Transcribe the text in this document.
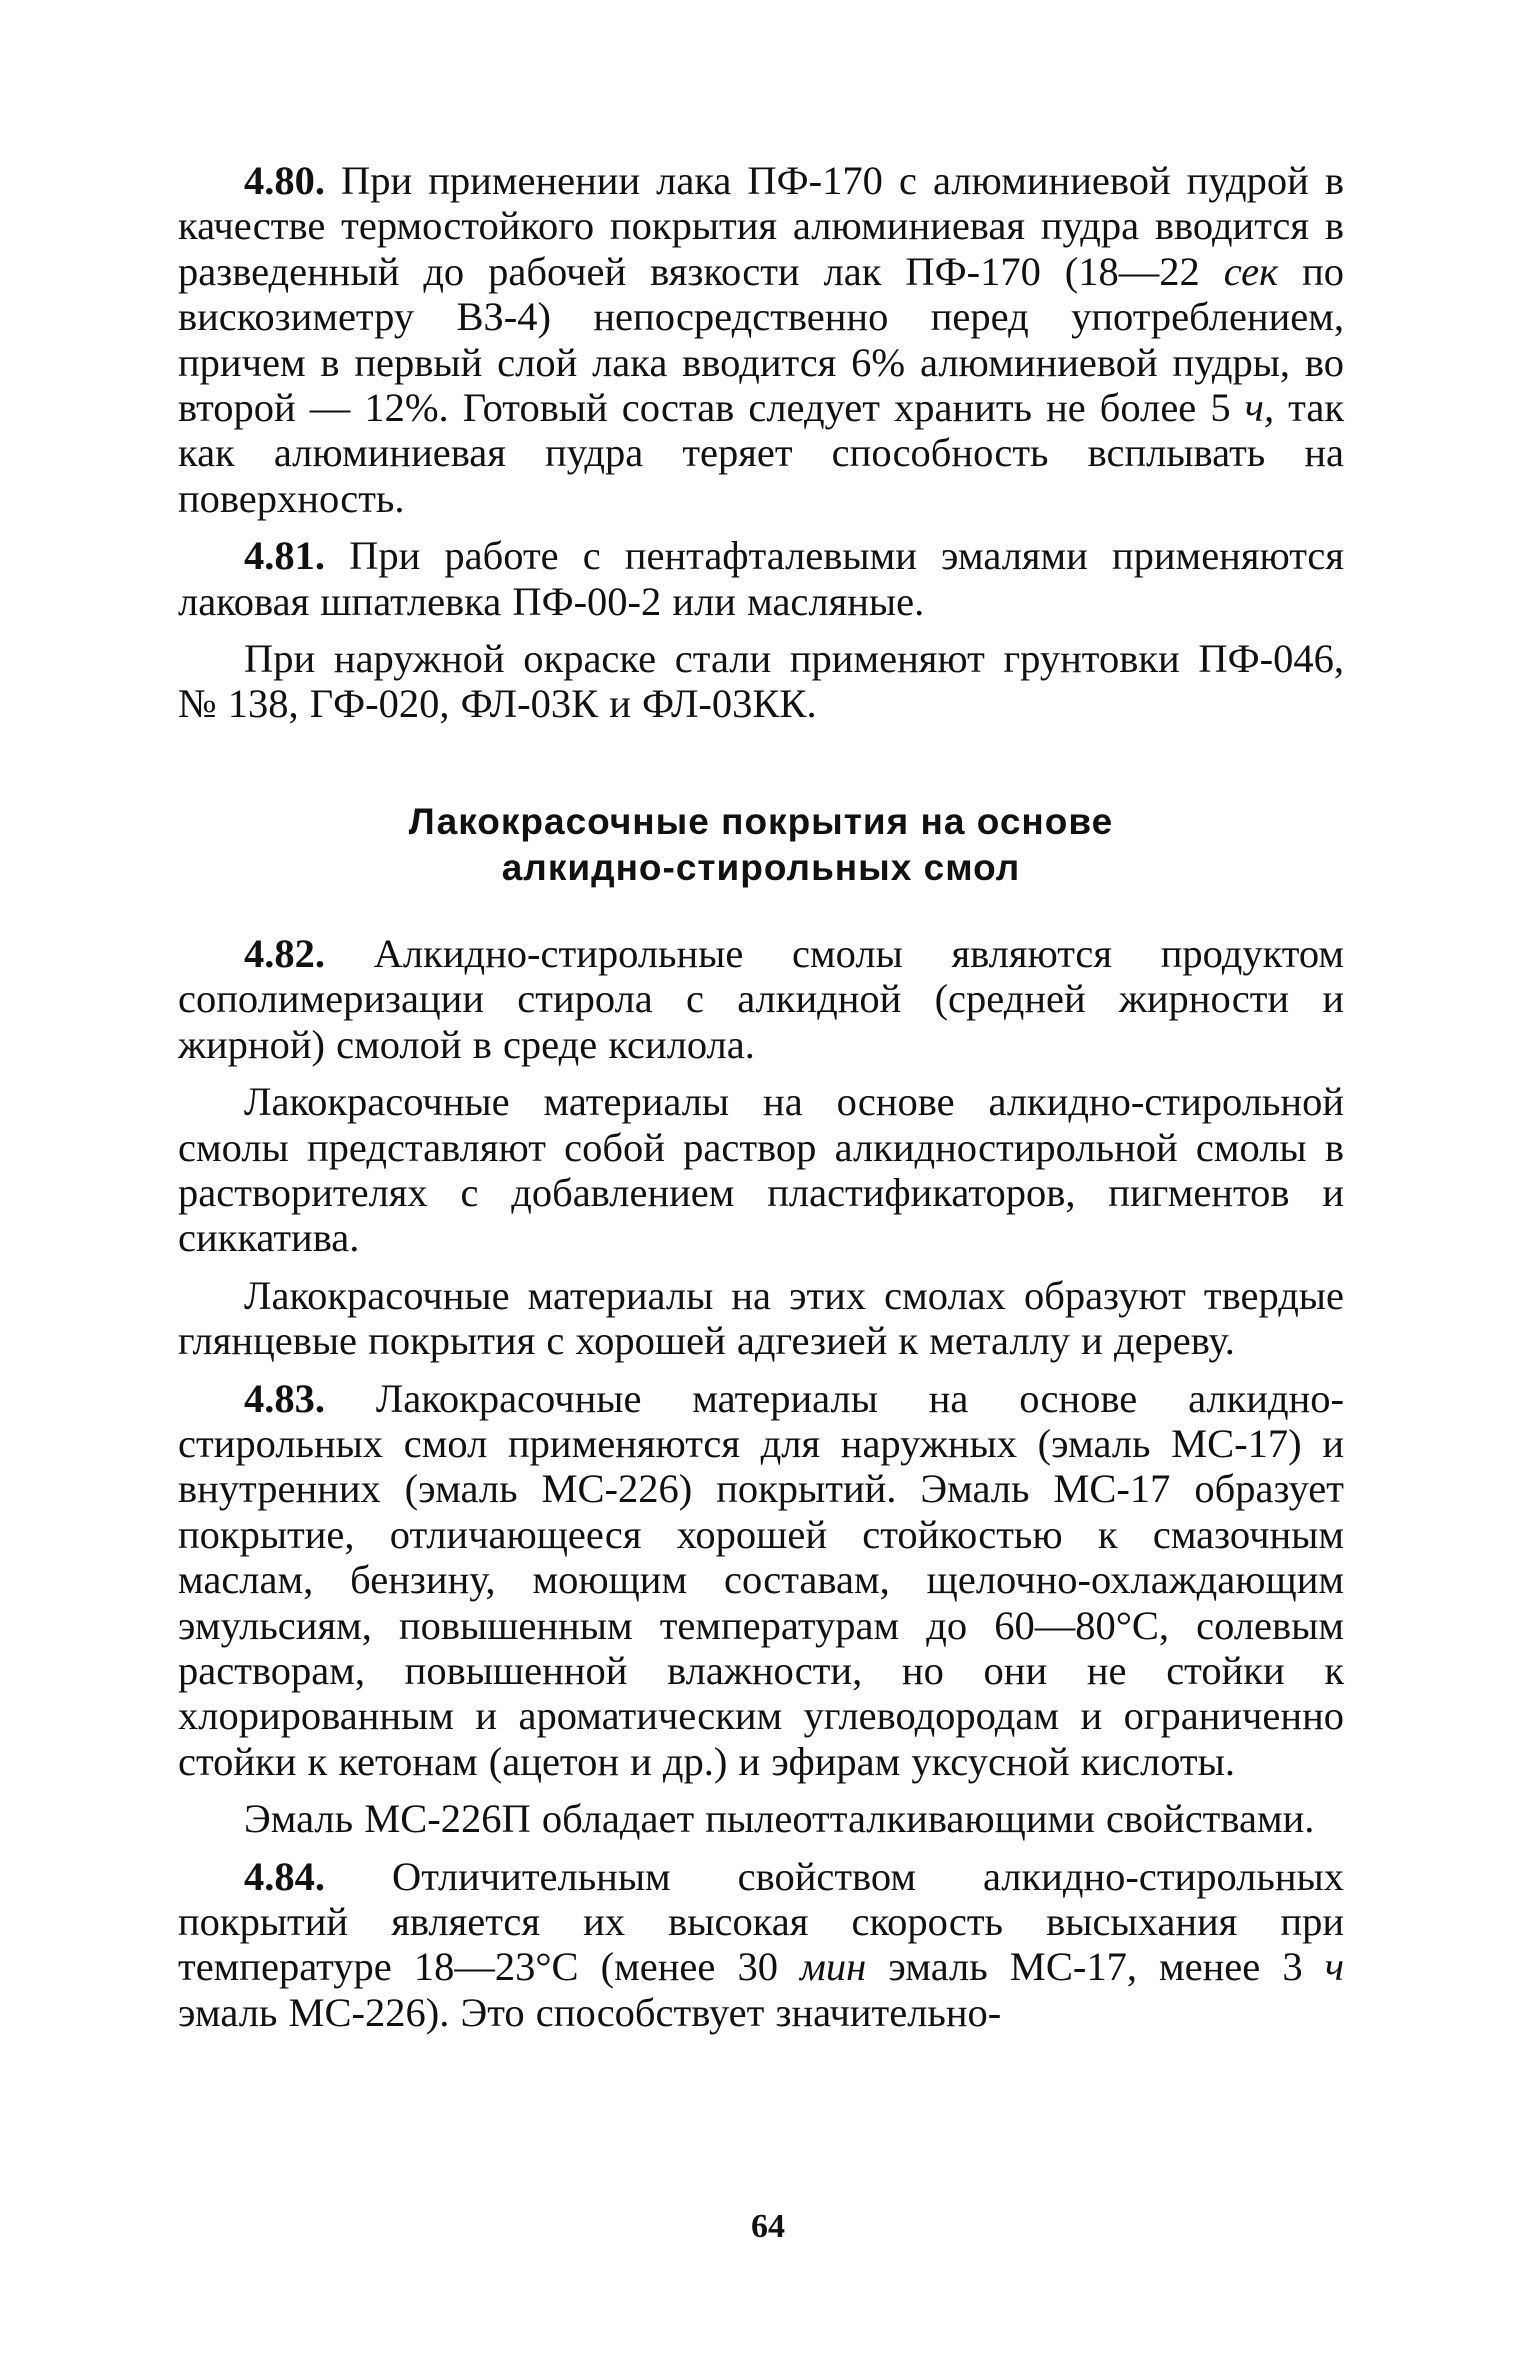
4.80. При применении лака ПФ-170 с алюминиевой пудрой в качестве термостойкого покрытия алюминиевая пудра вводится в разведенный до рабочей вязкости лак ПФ-170 (18—22 сек по вискозиметру ВЗ-4) непосредственно перед употреблением, причем в первый слой лака вводится 6% алюминиевой пудры, во второй — 12%. Готовый состав следует хранить не более 5 ч, так как алюминиевая пудра теряет способность всплывать на поверхность.

4.81. При работе с пентафталевыми эмалями применяются лаковая шпатлевка ПФ-00-2 или масляные.

При наружной окраске стали применяют грунтовки ПФ-046, № 138, ГФ-020, ФЛ-03К и ФЛ-03КК.

Лакокрасочные покрытия на основе
алкидно-стирольных смол

4.82. Алкидно-стирольные смолы являются продуктом сополимеризации стирола с алкидной (средней жирности и жирной) смолой в среде ксилола.

Лакокрасочные материалы на основе алкидно-стирольной смолы представляют собой раствор алкидностирольной смолы в растворителях с добавлением пластификаторов, пигментов и сиккатива.

Лакокрасочные материалы на этих смолах образуют твердые глянцевые покрытия с хорошей адгезией к металлу и дереву.

4.83. Лакокрасочные материалы на основе алкидно-стирольных смол применяются для наружных (эмаль МС-17) и внутренних (эмаль МС-226) покрытий. Эмаль МС-17 образует покрытие, отличающееся хорошей стойкостью к смазочным маслам, бензину, моющим составам, щелочно-охлаждающим эмульсиям, повышенным температурам до 60—80°С, солевым растворам, повышенной влажности, но они не стойки к хлорированным и ароматическим углеводородам и ограниченно стойки к кетонам (ацетон и др.) и эфирам уксусной кислоты.

Эмаль МС-226П обладает пылеотталкивающими свойствами.

4.84. Отличительным свойством алкидно-стирольных покрытий является их высокая скорость высыхания при температуре 18—23°С (менее 30 мин эмаль МС-17, менее 3 ч эмаль МС-226). Это способствует значительно-

64
